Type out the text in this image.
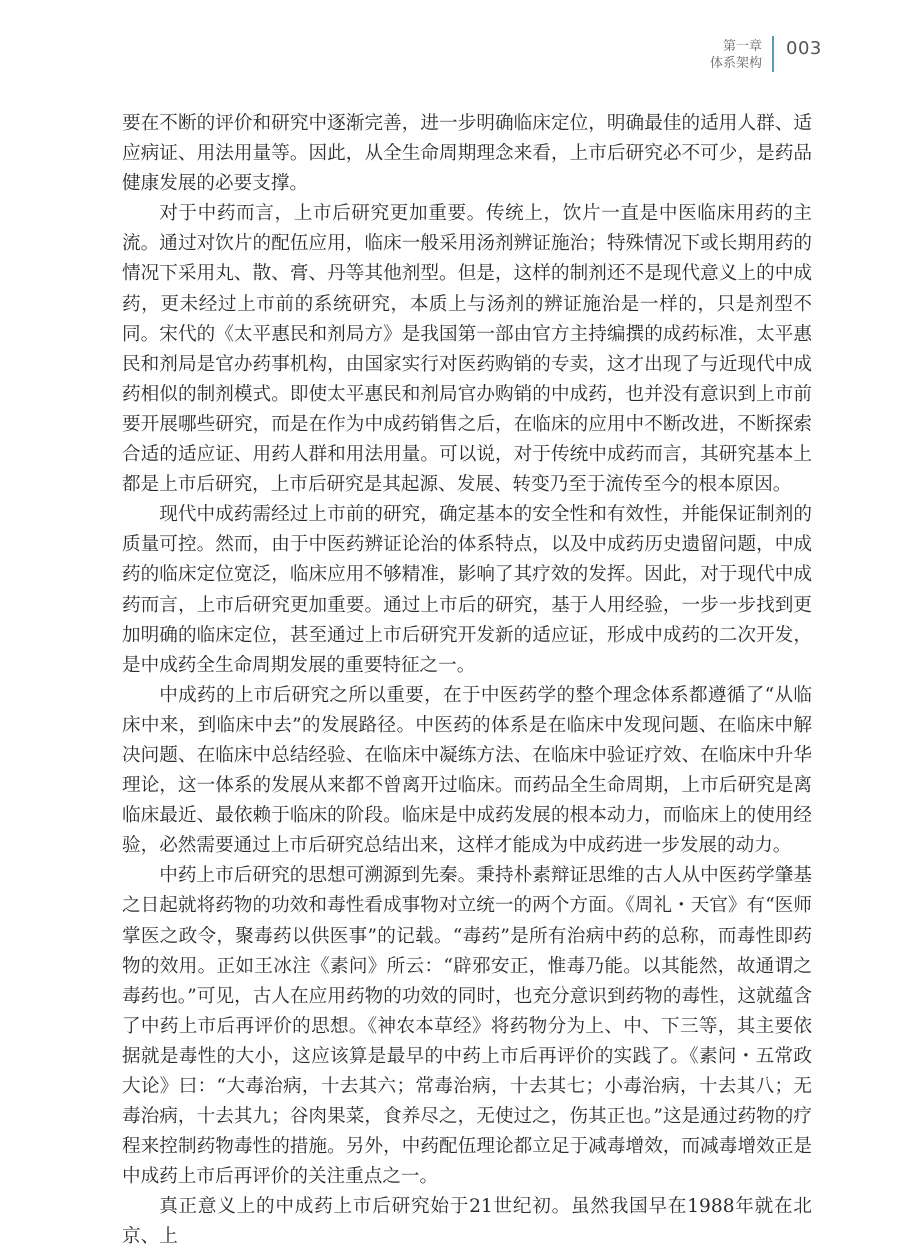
第一章
体系架构
003

要在不断的评价和研究中逐渐完善，进一步明确临床定位，明确最佳的适用人群、适应病证、用法用量等。因此，从全生命周期理念来看，上市后研究必不可少，是药品健康发展的必要支撑。

对于中药而言，上市后研究更加重要。传统上，饮片一直是中医临床用药的主流。通过对饮片的配伍应用，临床一般采用汤剂辨证施治；特殊情况下或长期用药的情况下采用丸、散、膏、丹等其他剂型。但是，这样的制剂还不是现代意义上的中成药，更未经过上市前的系统研究，本质上与汤剂的辨证施治是一样的，只是剂型不同。宋代的《太平惠民和剂局方》是我国第一部由官方主持编撰的成药标准，太平惠民和剂局是官办药事机构，由国家实行对医药购销的专卖，这才出现了与近现代中成药相似的制剂模式。即使太平惠民和剂局官办购销的中成药，也并没有意识到上市前要开展哪些研究，而是在作为中成药销售之后，在临床的应用中不断改进，不断探索合适的适应证、用药人群和用法用量。可以说，对于传统中成药而言，其研究基本上都是上市后研究，上市后研究是其起源、发展、转变乃至于流传至今的根本原因。

现代中成药需经过上市前的研究，确定基本的安全性和有效性，并能保证制剂的质量可控。然而，由于中医药辨证论治的体系特点，以及中成药历史遗留问题，中成药的临床定位宽泛，临床应用不够精准，影响了其疗效的发挥。因此，对于现代中成药而言，上市后研究更加重要。通过上市后的研究，基于人用经验，一步一步找到更加明确的临床定位，甚至通过上市后研究开发新的适应证，形成中成药的二次开发，是中成药全生命周期发展的重要特征之一。

中成药的上市后研究之所以重要，在于中医药学的整个理念体系都遵循了“从临床中来，到临床中去”的发展路径。中医药的体系是在临床中发现问题、在临床中解决问题、在临床中总结经验、在临床中凝练方法、在临床中验证疗效、在临床中升华理论，这一体系的发展从来都不曾离开过临床。而药品全生命周期，上市后研究是离临床最近、最依赖于临床的阶段。临床是中成药发展的根本动力，而临床上的使用经验，必然需要通过上市后研究总结出来，这样才能成为中成药进一步发展的动力。

中药上市后研究的思想可溯源到先秦。秉持朴素辩证思维的古人从中医药学肇基之日起就将药物的功效和毒性看成事物对立统一的两个方面。《周礼・天官》有“医师掌医之政令，聚毒药以供医事”的记载。“毒药”是所有治病中药的总称，而毒性即药物的效用。正如王冰注《素问》所云：“辟邪安正，惟毒乃能。以其能然，故通谓之毒药也。”可见，古人在应用药物的功效的同时，也充分意识到药物的毒性，这就蕴含了中药上市后再评价的思想。《神农本草经》将药物分为上、中、下三等，其主要依据就是毒性的大小，这应该算是最早的中药上市后再评价的实践了。《素问・五常政大论》曰：“大毒治病，十去其六；常毒治病，十去其七；小毒治病，十去其八；无毒治病，十去其九；谷肉果菜，食养尽之，无使过之，伤其正也。”这是通过药物的疗程来控制药物毒性的措施。另外，中药配伍理论都立足于减毒增效，而减毒增效正是中成药上市后再评价的关注重点之一。

真正意义上的中成药上市后研究始于21世纪初。虽然我国早在1988年就在北京、上
